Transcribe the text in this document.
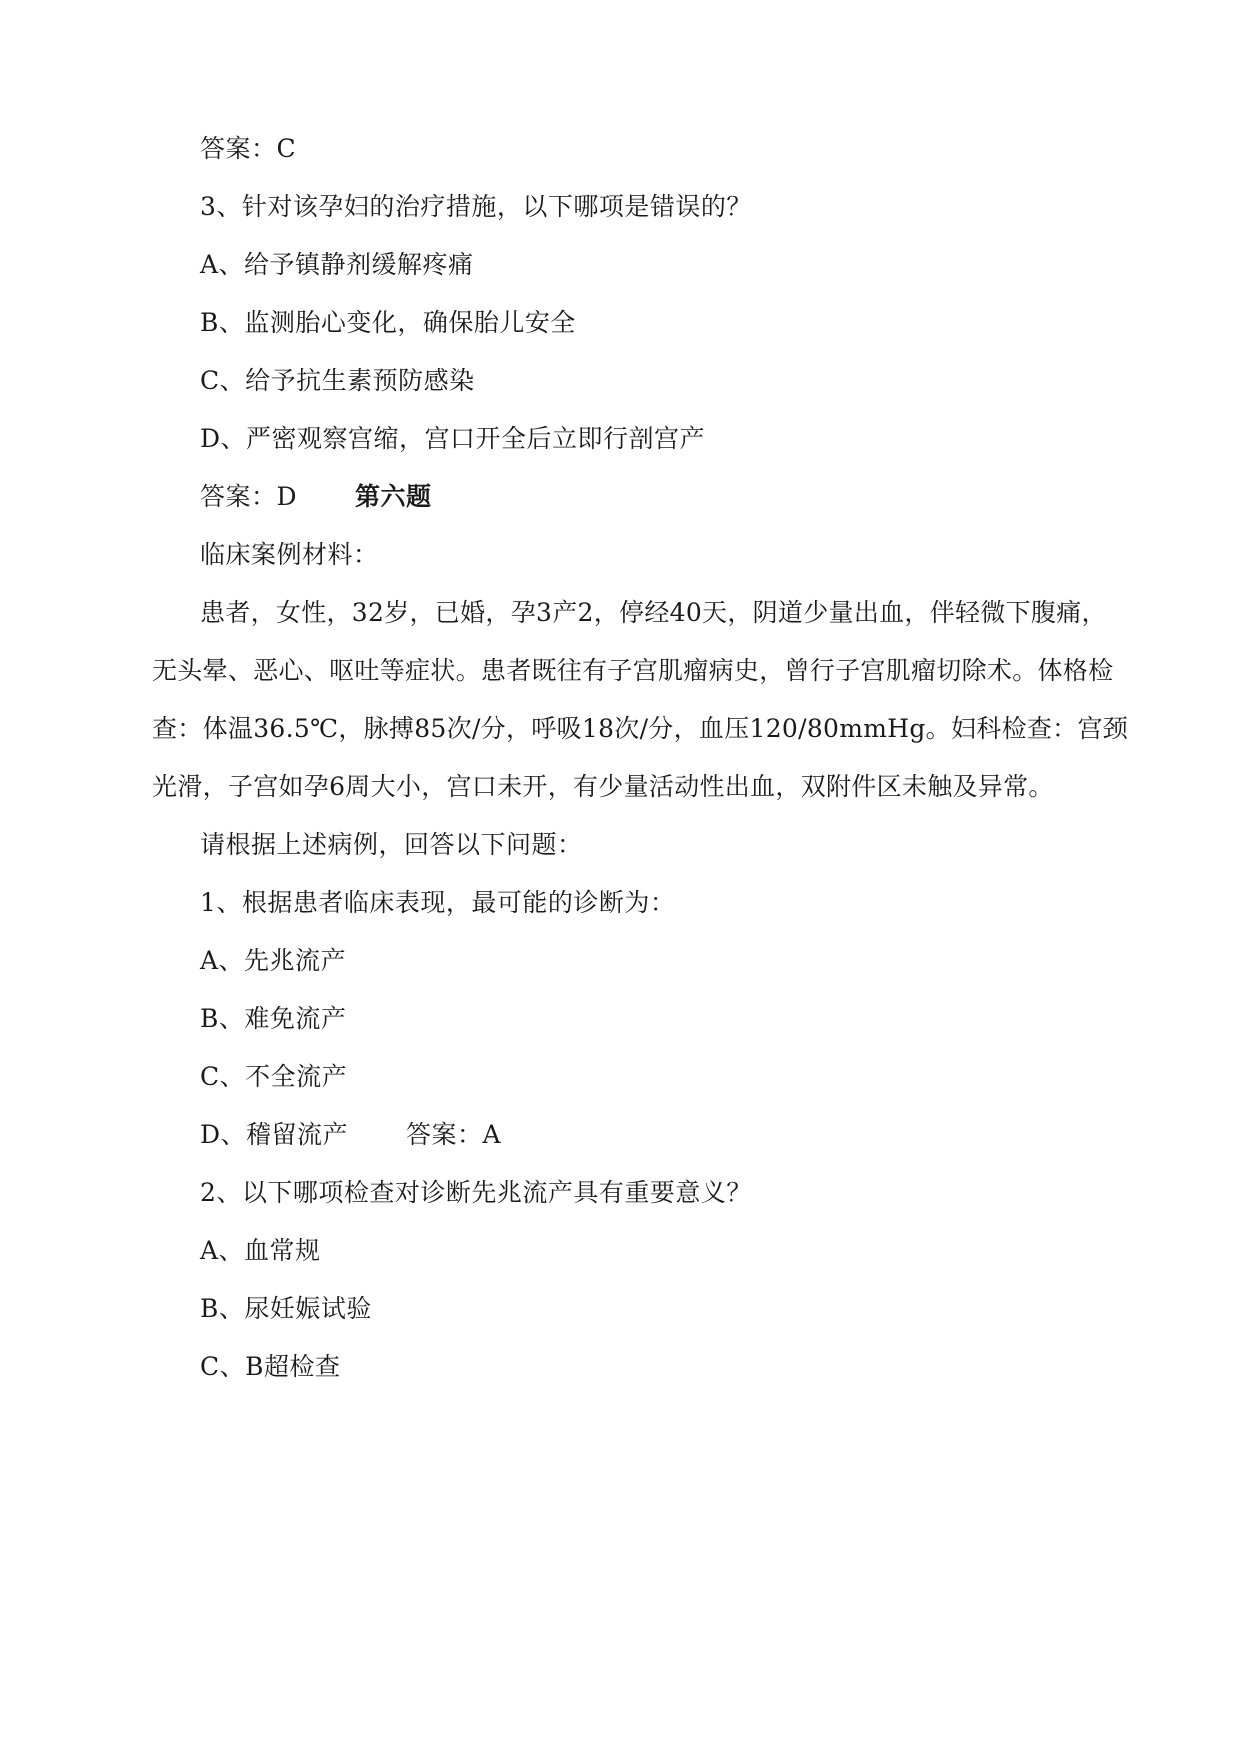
答案：C
3、针对该孕妇的治疗措施，以下哪项是错误的？
A、给予镇静剂缓解疼痛
B、监测胎心变化，确保胎儿安全
C、给予抗生素预防感染
D、严密观察宫缩，宫口开全后立即行剖宫产
答案：D 第六题
临床案例材料：
患者，女性，32岁，已婚，孕3产2，停经40天，阴道少量出血，伴轻微下腹痛，
无头晕、恶心、呕吐等症状。患者既往有子宫肌瘤病史，曾行子宫肌瘤切除术。体格检
查：体温36.5℃，脉搏85次/分，呼吸18次/分，血压120/80mmHg。妇科检查：宫颈
光滑，子宫如孕6周大小，宫口未开，有少量活动性出血，双附件区未触及异常。
请根据上述病例，回答以下问题：
1、根据患者临床表现，最可能的诊断为：
A、先兆流产
B、难免流产
C、不全流产
D、稽留流产 答案：A
2、以下哪项检查对诊断先兆流产具有重要意义？
A、血常规
B、尿妊娠试验
C、B超检查
